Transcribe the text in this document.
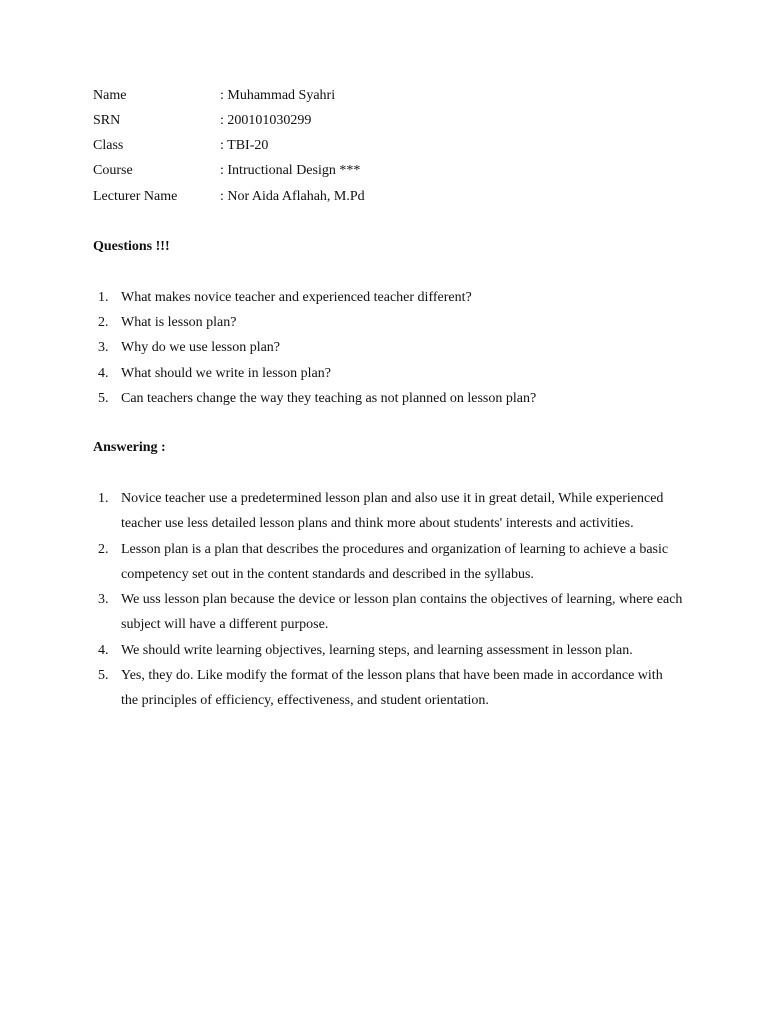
Name	: Muhammad Syahri
SRN	: 200101030299
Class	: TBI-20
Course	: Intructional Design ***
Lecturer Name	: Nor Aida Aflahah, M.Pd
Questions !!!
1. What makes novice teacher and experienced teacher different?
2. What is lesson plan?
3. Why do we use lesson plan?
4. What should we write in lesson plan?
5. Can teachers change the way they teaching as not planned on lesson plan?
Answering :
1. Novice teacher use a predetermined lesson plan and also use it in great detail, While experienced teacher use less detailed lesson plans and think more about students' interests and activities.
2. Lesson plan is a plan that describes the procedures and organization of learning to achieve a basic competency set out in the content standards and described in the syllabus.
3. We uss lesson plan because the device or lesson plan contains the objectives of learning, where each subject will have a different purpose.
4. We should write learning objectives, learning steps, and learning assessment in lesson plan.
5. Yes, they do. Like modify the format of the lesson plans that have been made in accordance with the principles of efficiency, effectiveness, and student orientation.
